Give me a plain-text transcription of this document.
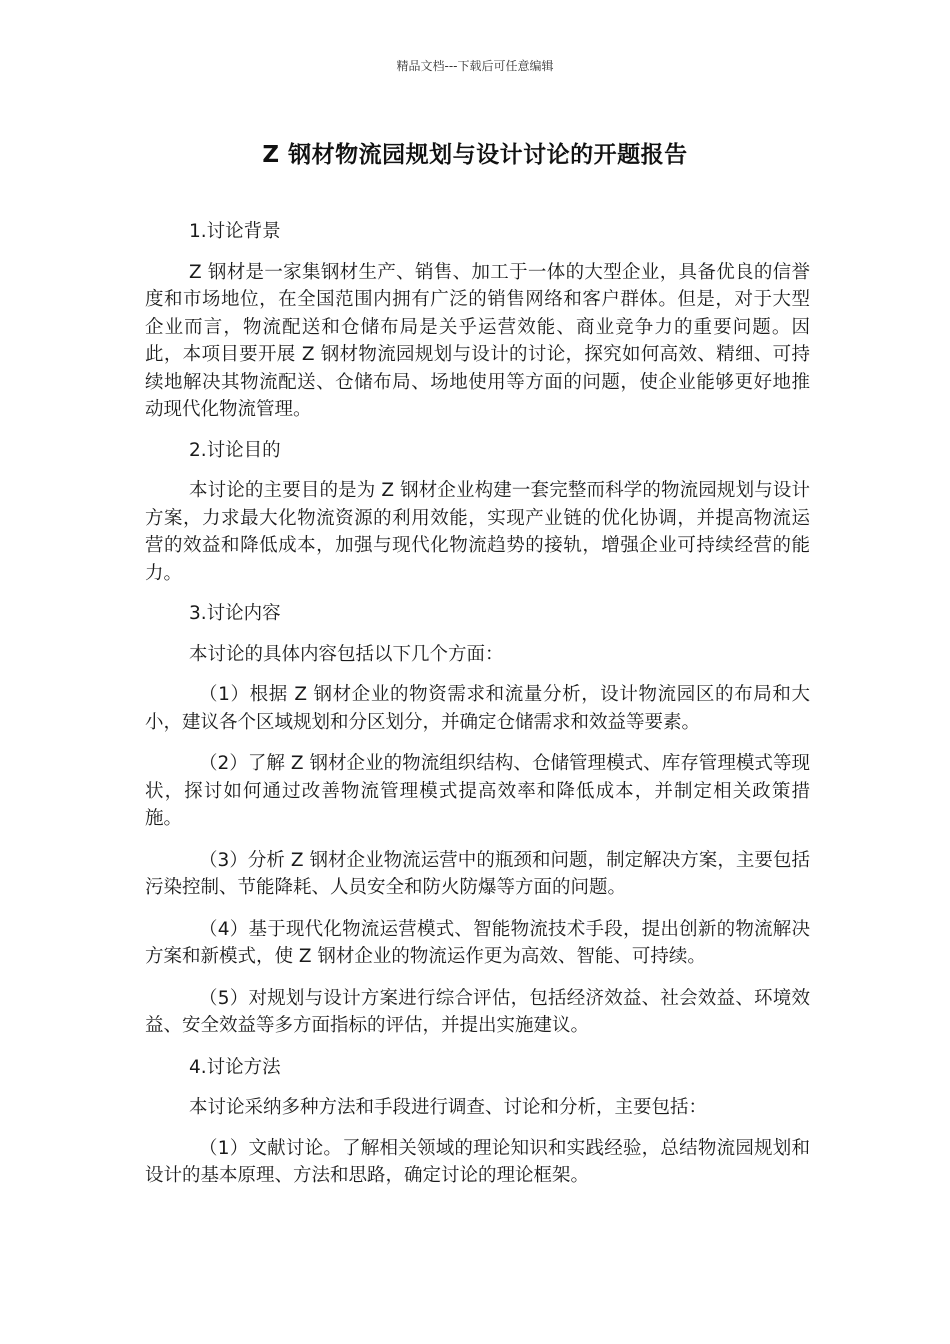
精品文档---下载后可任意编辑
Z 钢材物流园规划与设计讨论的开题报告

1.讨论背景

Z 钢材是一家集钢材生产、销售、加工于一体的大型企业，具备优良的信誉度和市场地位，在全国范围内拥有广泛的销售网络和客户群体。但是，对于大型企业而言，物流配送和仓储布局是关乎运营效能、商业竞争力的重要问题。因此，本项目要开展 Z 钢材物流园规划与设计的讨论，探究如何高效、精细、可持续地解决其物流配送、仓储布局、场地使用等方面的问题，使企业能够更好地推动现代化物流管理。

2.讨论目的

本讨论的主要目的是为 Z 钢材企业构建一套完整而科学的物流园规划与设计方案，力求最大化物流资源的利用效能，实现产业链的优化协调，并提高物流运营的效益和降低成本，加强与现代化物流趋势的接轨，增强企业可持续经营的能力。

3.讨论内容

本讨论的具体内容包括以下几个方面：

（1）根据 Z 钢材企业的物资需求和流量分析，设计物流园区的布局和大小，建议各个区域规划和分区划分，并确定仓储需求和效益等要素。

（2）了解 Z 钢材企业的物流组织结构、仓储管理模式、库存管理模式等现状，探讨如何通过改善物流管理模式提高效率和降低成本，并制定相关政策措施。

（3）分析 Z 钢材企业物流运营中的瓶颈和问题，制定解决方案，主要包括污染控制、节能降耗、人员安全和防火防爆等方面的问题。

（4）基于现代化物流运营模式、智能物流技术手段，提出创新的物流解决方案和新模式，使 Z 钢材企业的物流运作更为高效、智能、可持续。

（5）对规划与设计方案进行综合评估，包括经济效益、社会效益、环境效益、安全效益等多方面指标的评估，并提出实施建议。

4.讨论方法

本讨论采纳多种方法和手段进行调查、讨论和分析，主要包括：

（1）文献讨论。了解相关领域的理论知识和实践经验，总结物流园规划和设计的基本原理、方法和思路，确定讨论的理论框架。
